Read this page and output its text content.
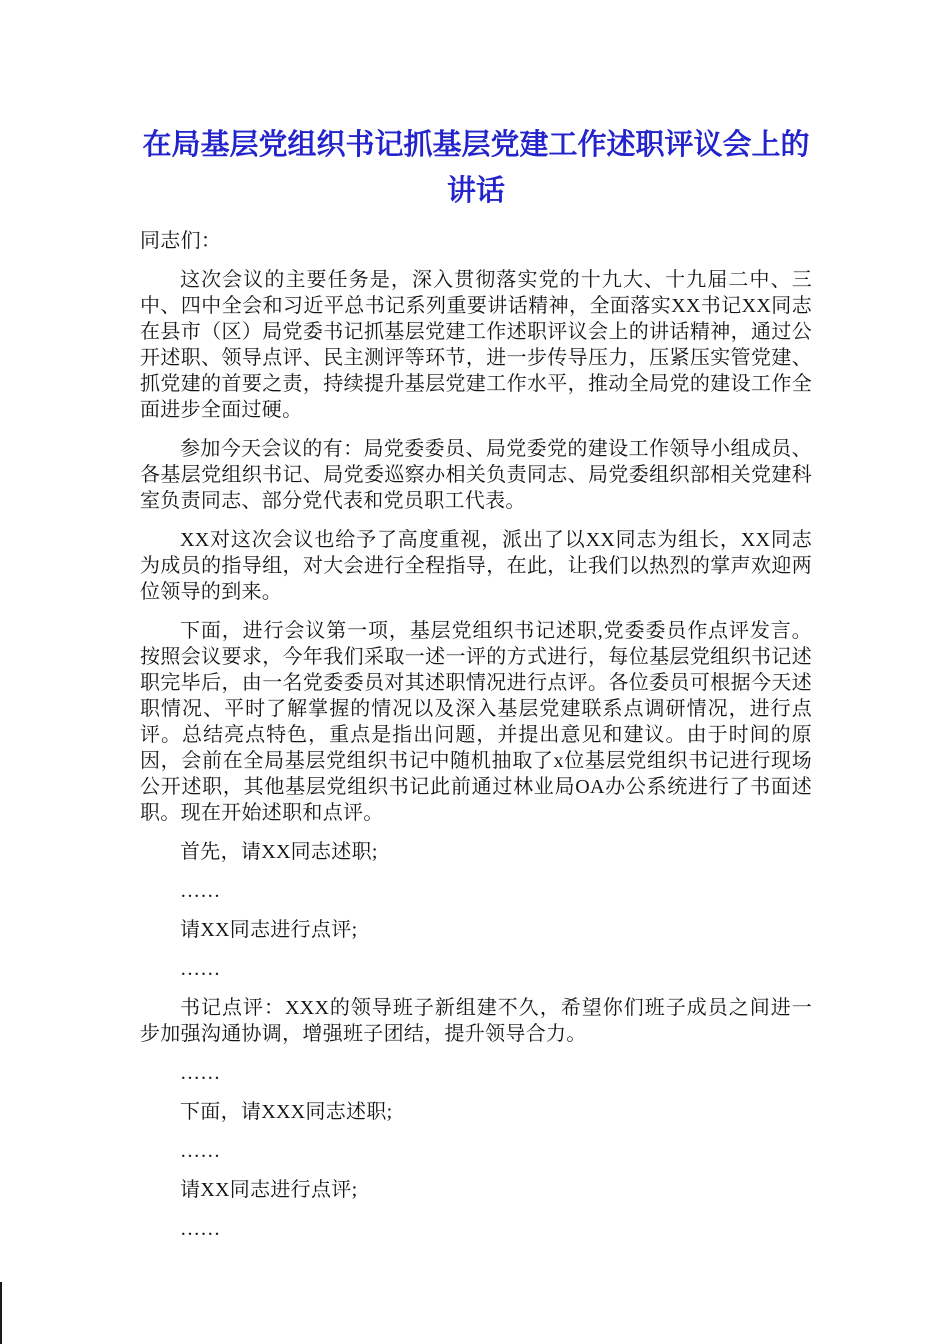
在局基层党组织书记抓基层党建工作述职评议会上的
讲话

同志们：

这次会议的主要任务是，深入贯彻落实党的十九大、十九届二中、三中、四中全会和习近平总书记系列重要讲话精神，全面落实XX书记XX同志在县市（区）局党委书记抓基层党建工作述职评议会上的讲话精神，通过公开述职、领导点评、民主测评等环节，进一步传导压力，压紧压实管党建、抓党建的首要之责，持续提升基层党建工作水平，推动全局党的建设工作全面进步全面过硬。

参加今天会议的有：局党委委员、局党委党的建设工作领导小组成员、各基层党组织书记、局党委巡察办相关负责同志、局党委组织部相关党建科室负责同志、部分党代表和党员职工代表。

XX对这次会议也给予了高度重视，派出了以XX同志为组长，XX同志为成员的指导组，对大会进行全程指导，在此，让我们以热烈的掌声欢迎两位领导的到来。

下面，进行会议第一项，基层党组织书记述职,党委委员作点评发言。按照会议要求，今年我们采取一述一评的方式进行，每位基层党组织书记述职完毕后，由一名党委委员对其述职情况进行点评。各位委员可根据今天述职情况、平时了解掌握的情况以及深入基层党建联系点调研情况，进行点评。总结亮点特色，重点是指出问题，并提出意见和建议。由于时间的原因，会前在全局基层党组织书记中随机抽取了x位基层党组织书记进行现场公开述职，其他基层党组织书记此前通过林业局OA办公系统进行了书面述职。现在开始述职和点评。

首先，请XX同志述职;

……

请XX同志进行点评;

……

书记点评：XXX的领导班子新组建不久，希望你们班子成员之间进一步加强沟通协调，增强班子团结，提升领导合力。

……

下面，请XXX同志述职;

……

请XX同志进行点评;

……
